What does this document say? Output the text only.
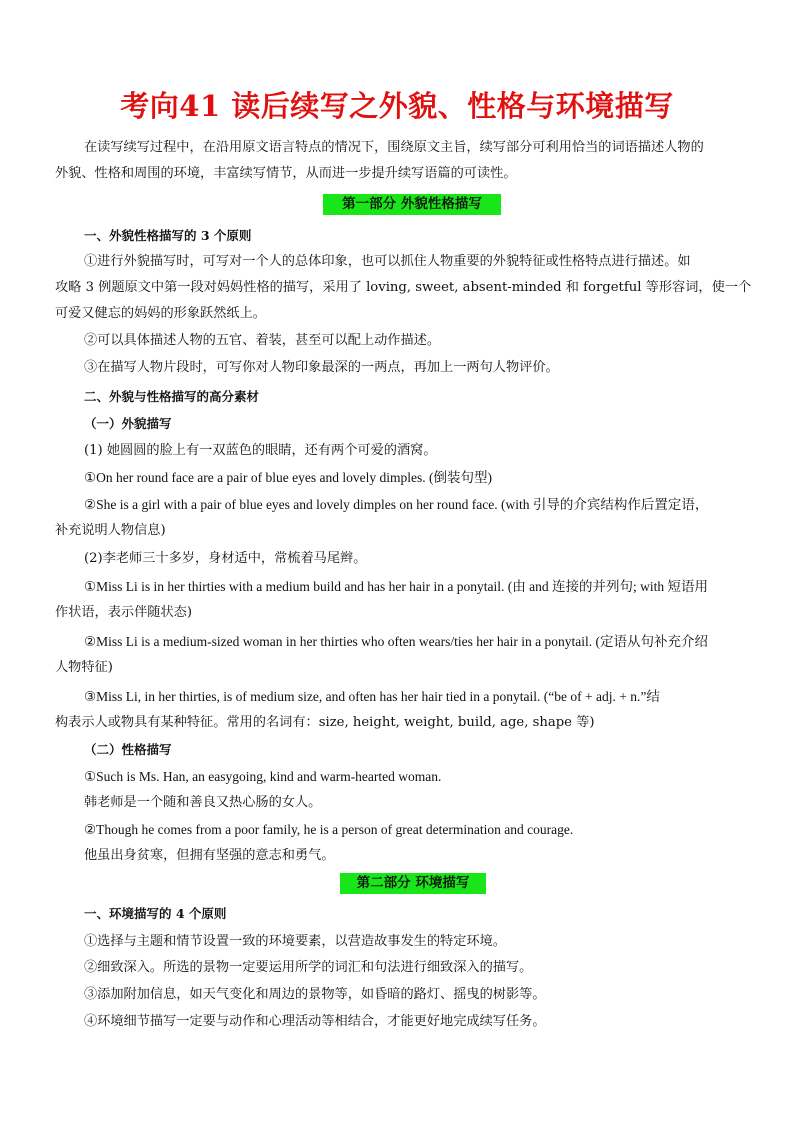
考向41 读后续写之外貌、性格与环境描写
在读写续写过程中，在沿用原文语言特点的情况下，围绕原文主旨，续写部分可利用恰当的词语描述人物的
外貌、性格和周围的环境，丰富续写情节，从而进一步提升续写语篇的可读性。
第一部分 外貌性格描写
一、外貌性格描写的 3 个原则
①进行外貌描写时，可写对一个人的总体印象，也可以抓住人物重要的外貌特征或性格特点进行描述。如
攻略 3 例题原文中第一段对妈妈性格的描写，采用了 loving, sweet, absent-minded 和 forgetful 等形容词，使一个
可爱又健忘的妈妈的形象跃然纸上。
②可以具体描述人物的五官、着装，甚至可以配上动作描述。
③在描写人物片段时，可写你对人物印象最深的一两点，再加上一两句人物评价。
二、外貌与性格描写的高分素材
（一）外貌描写
(1) 她圆圆的脸上有一双蓝色的眼睛，还有两个可爱的酒窝。
①On her round face are a pair of blue eyes and lovely dimples. (倒装句型)
②She is a girl with a pair of blue eyes and lovely dimples on her round face. (with 引导的介宾结构作后置定语，
补充说明人物信息)
(2)李老师三十多岁，身材适中，常梳着马尾辫。
①Miss Li is in her thirties with a medium build and has her hair in a ponytail. (由 and 连接的并列句; with 短语用
作状语，表示伴随状态)
②Miss Li is a medium-sized woman in her thirties who often wears/ties her hair in a ponytail. (定语从句补充介绍
人物特征)
③Miss Li, in her thirties, is of medium size, and often has her hair tied in a ponytail. (“be of + adj. + n.”结
构表示人或物具有某种特征。常用的名词有：size, height, weight, build, age, shape 等)
（二）性格描写
①Such is Ms. Han, an easygoing, kind and warm-hearted woman.
韩老师是一个随和善良又热心肠的女人。
②Though he comes from a poor family, he is a person of great determination and courage.
他虽出身贫寒，但拥有坚强的意志和勇气。
第二部分 环境描写
一、环境描写的 4 个原则
①选择与主题和情节设置一致的环境要素，以营造故事发生的特定环境。
②细致深入。所选的景物一定要运用所学的词汇和句法进行细致深入的描写。
③添加附加信息，如天气变化和周边的景物等，如昏暗的路灯、摇曳的树影等。
④环境细节描写一定要与动作和心理活动等相结合，才能更好地完成续写任务。
